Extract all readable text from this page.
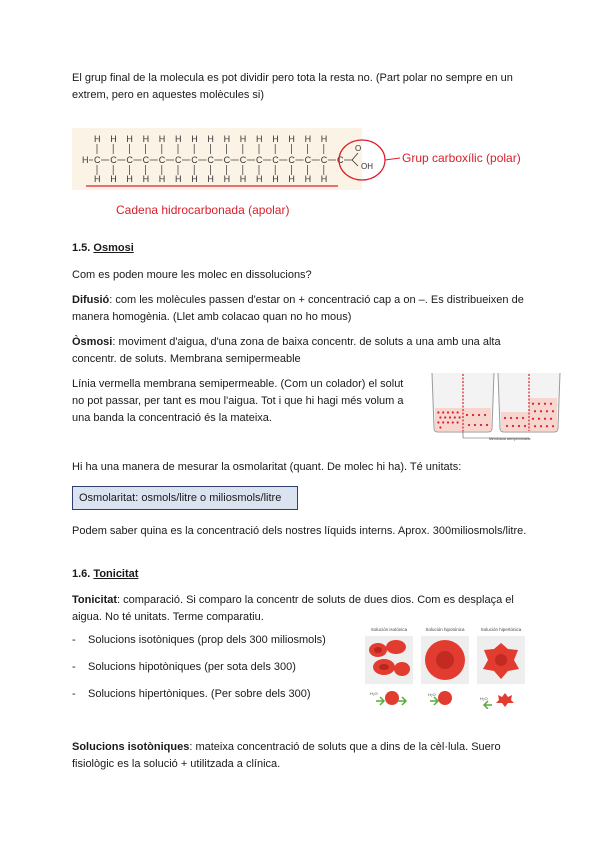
El grup final de la molecula es pot dividir pero tota la resta no. (Part polar no sempre en un extrem, pero en aquestes molècules si)

H C
H
H
C
H
H
C
H
H
C
H
H
C
H
H
C
H
H
C
H
H
C
H
H
C
H
H
C
H
H
C
H
H
C
H
H
C
H
H
C
H
H
C
H
H
C
O
OH
Grup carboxílic (polar)
Cadena hidrocarbonada (apolar)

1.5. Osmosi

Com es poden moure les molec en dissolucions?

Difusió: com les molècules passen d'estar on + concentració cap a on –. Es distribueixen de manera homogènia. (Llet amb colacao quan no ho mous)

Òsmosi: moviment d'aigua, d'una zona de baixa concentr. de soluts a una amb una alta concentr. de soluts. Membrana semipermeable

Línia vermella membrana semipermeable. (Com un colador) el solut no pot passar, per tant es mou l'aigua. Tot i que hi hagi més volum a una banda la concentració és la mateixa.

Membrana semipermeable

Hi ha una manera de mesurar la osmolaritat (quant. De molec hi ha). Té unitats:

Osmolaritat: osmols/litre o miliosmols/litre

Podem saber quina es la concentració dels nostres líquids interns. Aprox. 300miliosmols/litre.

1.6. Tonicitat

Tonicitat: comparació. Si comparo la concentr de soluts de dues dios. Com es desplaça el aigua. No té unitats. Terme comparatiu.

- Solucions isotòniques (prop dels 300 miliosmols)
- Solucions hipotòniques (per sota dels 300)
- Solucions hipertòniques. (Per sobre dels 300)
Solución isotónica
H₂O
Solución hipotónica
H₂O
Solución hipertónica
H₂O

Solucions isotòniques: mateixa concentració de soluts que a dins de la cèl·lula. Suero fisiològic es la solució + utilitzada a clínica.
